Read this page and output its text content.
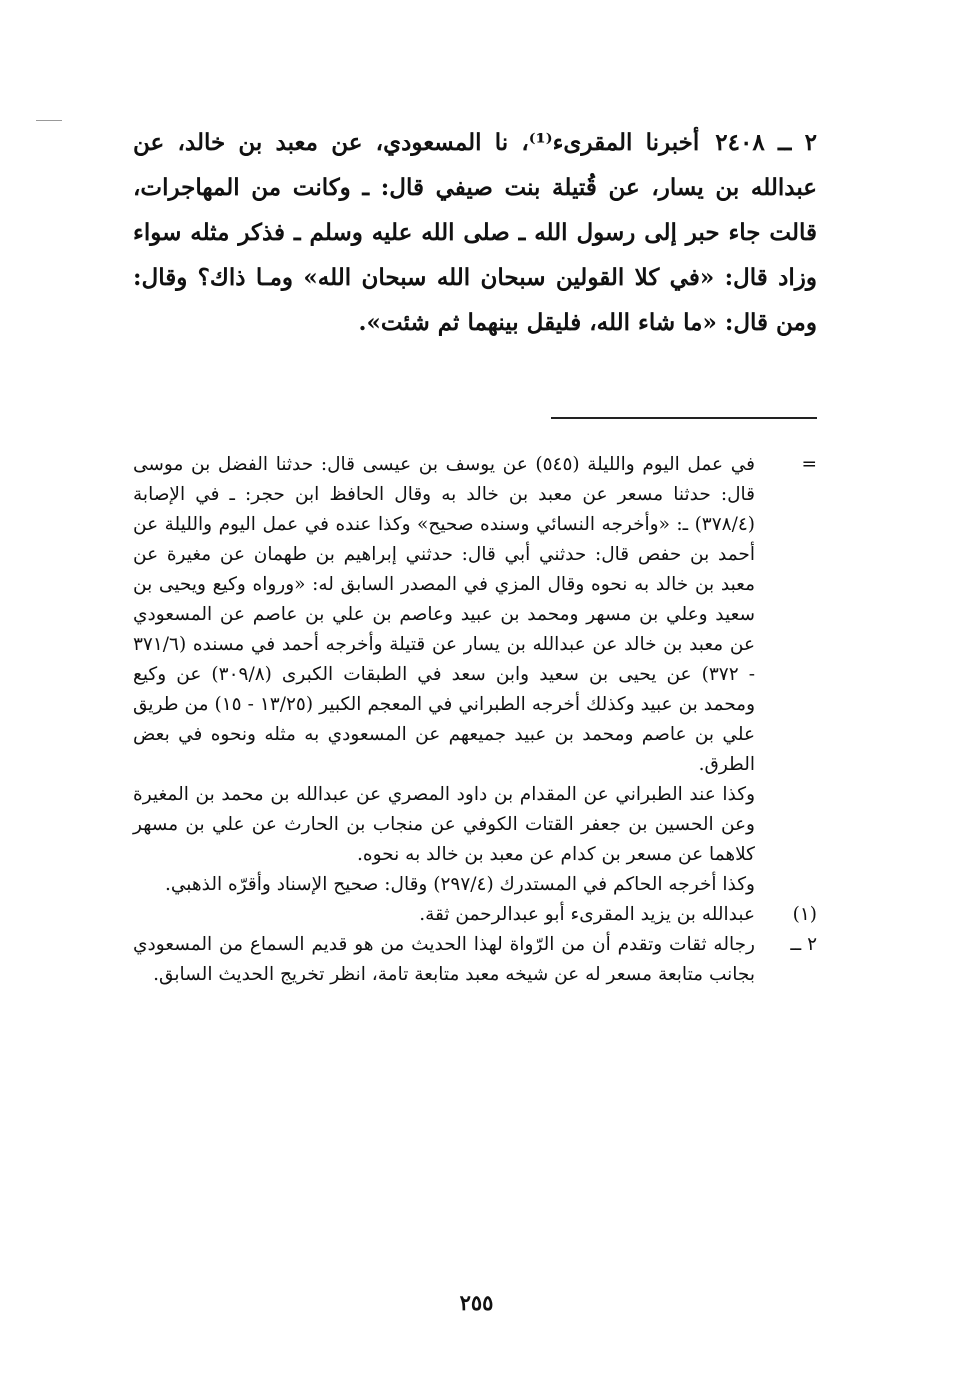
٢ ــ ٢٤٠٨أخبرنا المقرىء⁽¹⁾، نا المسعودي، عن معبد بن خالد، عن عبدالله بن يسار، عن قُتيلة بنت صيفي قال: ـ وكانت من المهاجرات، قالت جاء حبر إلى رسول الله ـ صلى الله عليه وسلم ـ فذكر مثله سواء وزاد قال: «في كلا القولين سبحان الله سبحان الله» ومـا ذاك؟ وقال: ومن قال: «ما شاء الله، فليقل بينهما ثم شئت».

=

في عمل اليوم والليلة (٥٤٥) عن يوسف بن عيسى قال: حدثنا الفضل بن موسى قال: حدثنا مسعر عن معبد بن خالد به وقال الحافظ ابن حجر: ـ في الإصابة (٣٧٨/٤) ـ: «وأخرجه النسائي وسنده صحيح» وكذا عنده في عمل اليوم والليلة عن أحمد بن حفص قال: حدثني أبي قال: حدثني إبراهيم بن طهمان عن مغيرة عن معبد بن خالد به نحوه وقال المزي في المصدر السابق له: «ورواه وكيع ويحيى بن سعيد وعلي بن مسهر ومحمد بن عبيد وعاصم بن علي بن عاصم عن المسعودي عن معبد بن خالد عن عبدالله بن يسار عن قتيلة وأخرجه أحمد في مسنده (٣٧١/٦ - ٣٧٢) عن يحيى بن سعيد وابن سعد في الطبقات الكبرى (٣٠٩/٨) عن وكيع ومحمد بن عبيد وكذلك أخرجه الطبراني في المعجم الكبير (١٣/٢٥ - ١٥) من طريق علي بن عاصم ومحمد بن عبيد جميعهم عن المسعودي به مثله ونحوه في بعض الطرق.

وكذا عند الطبراني عن المقدام بن داود المصري عن عبدالله بن محمد بن المغيرة وعن الحسين بن جعفر القتات الكوفي عن منجاب بن الحارث عن علي بن مسهر كلاهما عن مسعر بن كدام عن معبد بن خالد به نحوه.

وكذا أخرجه الحاكم في المستدرك (٢٩٧/٤) وقال: صحيح الإسناد وأقرّه الذهبي.

(١)

عبدالله بن يزيد المقرىء أبو عبدالرحمن ثقة.

٢ ــ

رجاله ثقات وتقدم أن من الرّواة لهذا الحديث من هو قديم السماع من المسعودي بجانب متابعة مسعر له عن شيخه معبد متابعة تامة، انظر تخريج الحديث السابق.

٢٥٥
